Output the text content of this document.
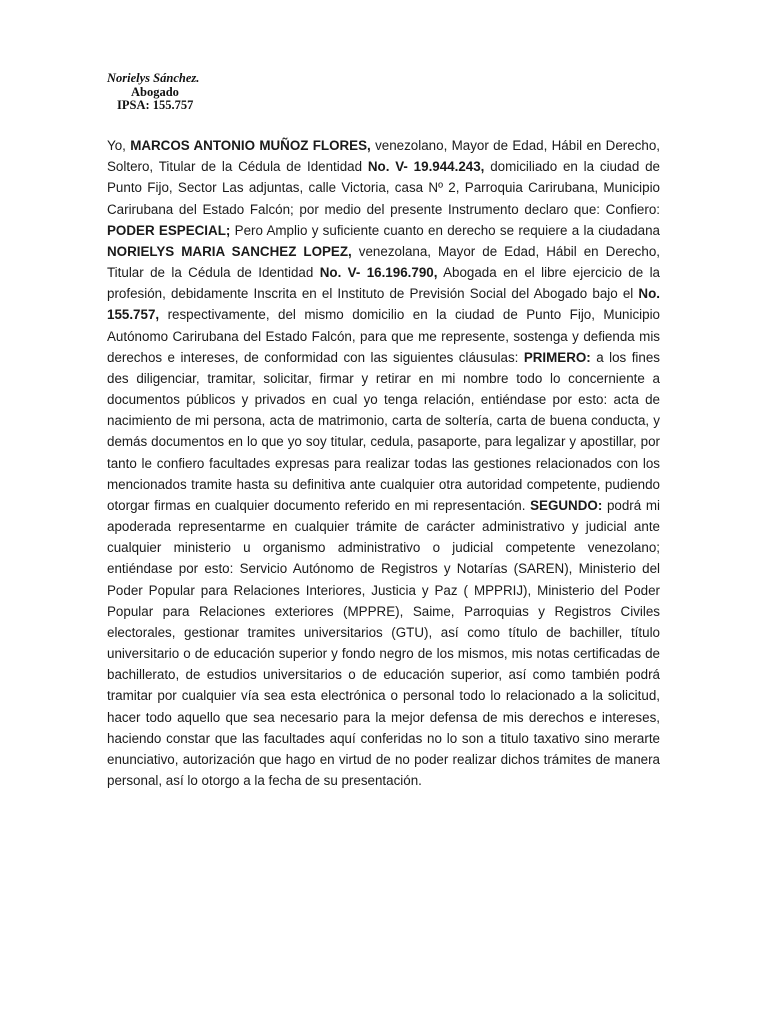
Norielys Sánchez.
Abogado
IPSA: 155.757

Yo, MARCOS ANTONIO MUÑOZ FLORES, venezolano, Mayor de Edad, Hábil en Derecho, Soltero, Titular de la Cédula de Identidad No. V- 19.944.243, domiciliado en la ciudad de Punto Fijo, Sector Las adjuntas, calle Victoria, casa Nº 2, Parroquia Carirubana, Municipio Carirubana del Estado Falcón; por medio del presente Instrumento declaro que: Confiero: PODER ESPECIAL; Pero Amplio y suficiente cuanto en derecho se requiere a la ciudadana NORIELYS MARIA SANCHEZ LOPEZ, venezolana, Mayor de Edad, Hábil en Derecho, Titular de la Cédula de Identidad No. V- 16.196.790, Abogada en el libre ejercicio de la profesión, debidamente Inscrita en el Instituto de Previsión Social del Abogado bajo el No. 155.757, respectivamente, del mismo domicilio en la ciudad de Punto Fijo, Municipio Autónomo Carirubana del Estado Falcón, para que me represente, sostenga y defienda mis derechos e intereses, de conformidad con las siguientes cláusulas: PRIMERO: a los fines des diligenciar, tramitar, solicitar, firmar y retirar en mi nombre todo lo concerniente a documentos públicos y privados en cual yo tenga relación, entiéndase por esto: acta de nacimiento de mi persona, acta de matrimonio, carta de soltería, carta de buena conducta, y demás documentos en lo que yo soy titular, cedula, pasaporte, para legalizar y apostillar, por tanto le confiero facultades expresas para realizar todas las gestiones relacionados con los mencionados tramite hasta su definitiva ante cualquier otra autoridad competente, pudiendo otorgar firmas en cualquier documento referido en mi representación. SEGUNDO: podrá mi apoderada representarme en cualquier trámite de carácter administrativo y judicial ante cualquier ministerio u organismo administrativo o judicial competente venezolano; entiéndase por esto: Servicio Autónomo de Registros y Notarías (SAREN), Ministerio del Poder Popular para Relaciones Interiores, Justicia y Paz ( MPPRIJ), Ministerio del Poder Popular para Relaciones exteriores (MPPRE), Saime, Parroquias y Registros Civiles electorales, gestionar tramites universitarios (GTU), así como título de bachiller, título universitario o de educación superior y fondo negro de los mismos, mis notas certificadas de bachillerato, de estudios universitarios o de educación superior, así como también podrá tramitar por cualquier vía sea esta electrónica o personal todo lo relacionado a la solicitud, hacer todo aquello que sea necesario para la mejor defensa de mis derechos e intereses, haciendo constar que las facultades aquí conferidas no lo son a titulo taxativo sino merarte enunciativo, autorización que hago en virtud de no poder realizar dichos trámites de manera personal, así lo otorgo a la fecha de su presentación.
